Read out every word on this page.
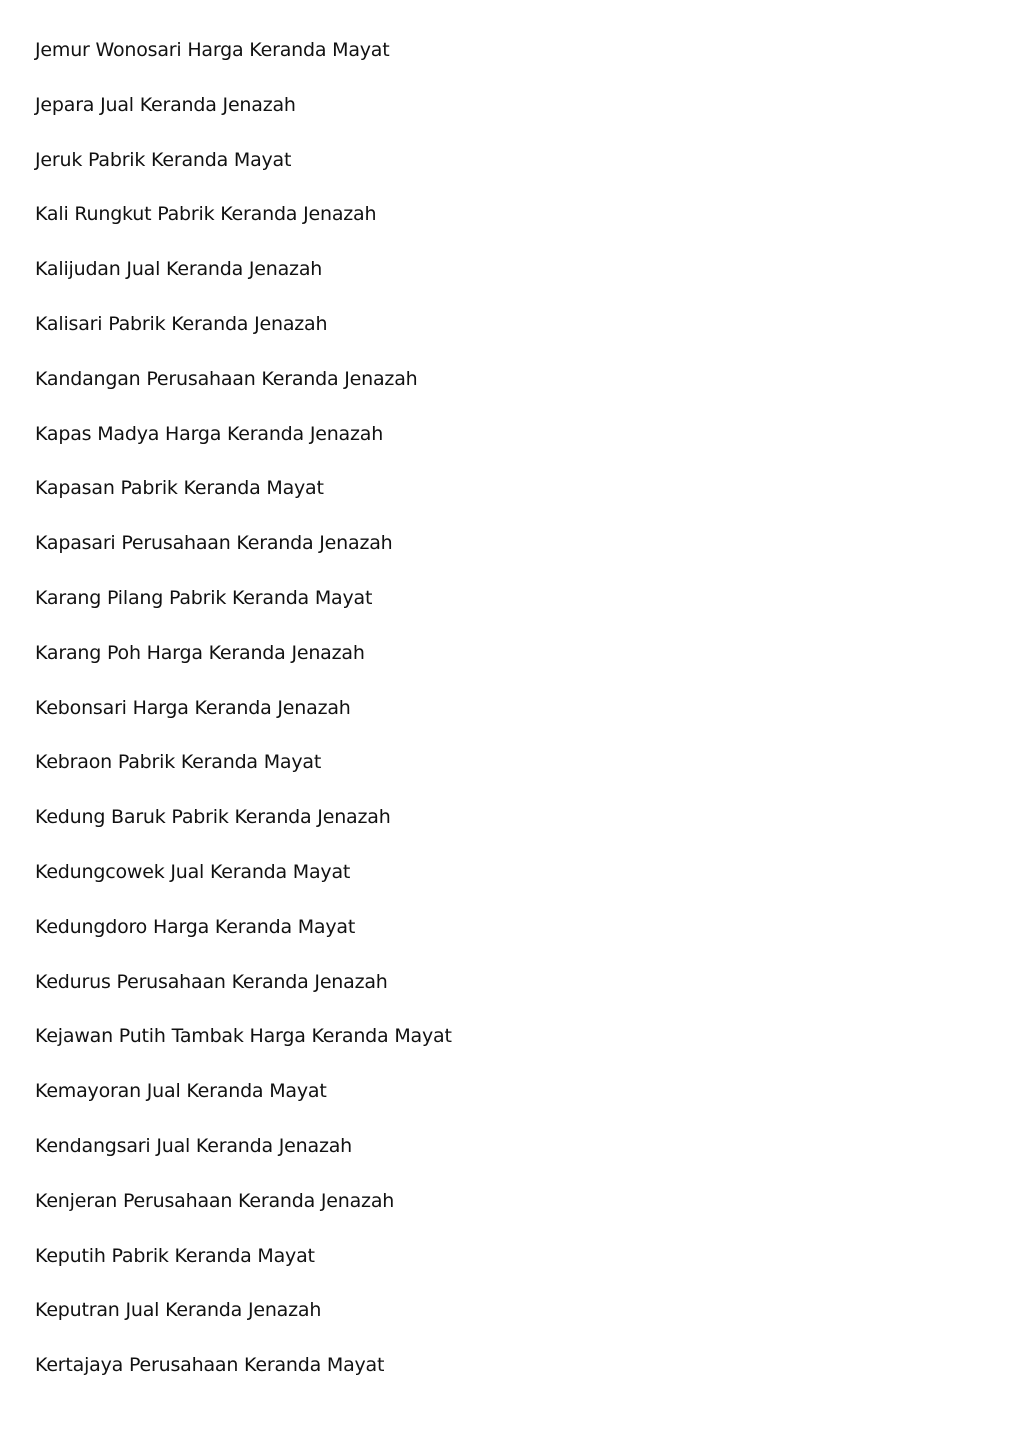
Jemur Wonosari Harga Keranda Mayat
Jepara Jual Keranda Jenazah
Jeruk Pabrik Keranda Mayat
Kali Rungkut Pabrik Keranda Jenazah
Kalijudan Jual Keranda Jenazah
Kalisari Pabrik Keranda Jenazah
Kandangan Perusahaan Keranda Jenazah
Kapas Madya Harga Keranda Jenazah
Kapasan Pabrik Keranda Mayat
Kapasari Perusahaan Keranda Jenazah
Karang Pilang Pabrik Keranda Mayat
Karang Poh Harga Keranda Jenazah
Kebonsari Harga Keranda Jenazah
Kebraon Pabrik Keranda Mayat
Kedung Baruk Pabrik Keranda Jenazah
Kedungcowek Jual Keranda Mayat
Kedungdoro Harga Keranda Mayat
Kedurus Perusahaan Keranda Jenazah
Kejawan Putih Tambak Harga Keranda Mayat
Kemayoran Jual Keranda Mayat
Kendangsari Jual Keranda Jenazah
Kenjeran Perusahaan Keranda Jenazah
Keputih Pabrik Keranda Mayat
Keputran Jual Keranda Jenazah
Kertajaya Perusahaan Keranda Mayat
